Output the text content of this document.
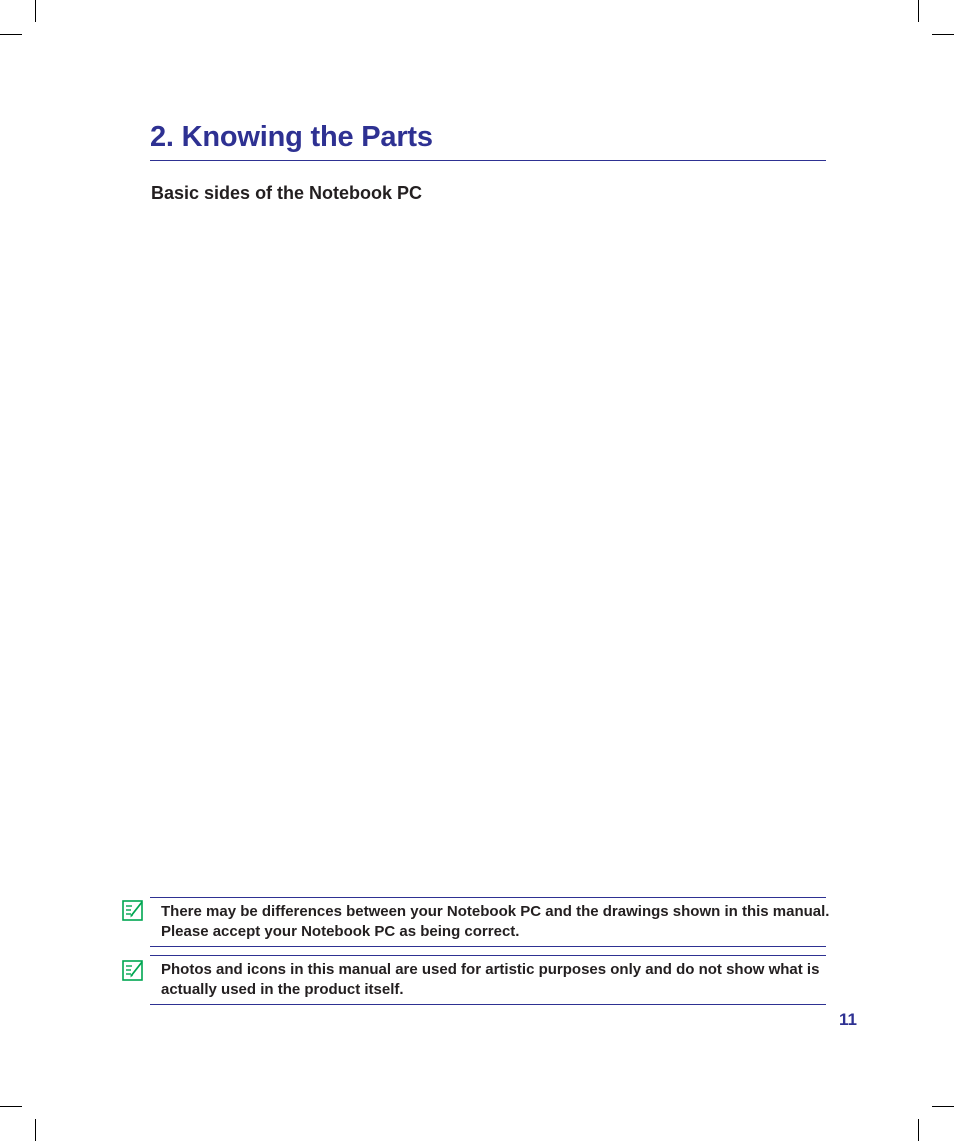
2. Knowing the Parts
Basic sides of the Notebook PC

There may be differences between your Notebook PC and the drawings shown in this manual. Please accept your Notebook PC as being correct.

Photos and icons in this manual are used for artistic purposes only and do not show what is actually used in the product itself.

11
